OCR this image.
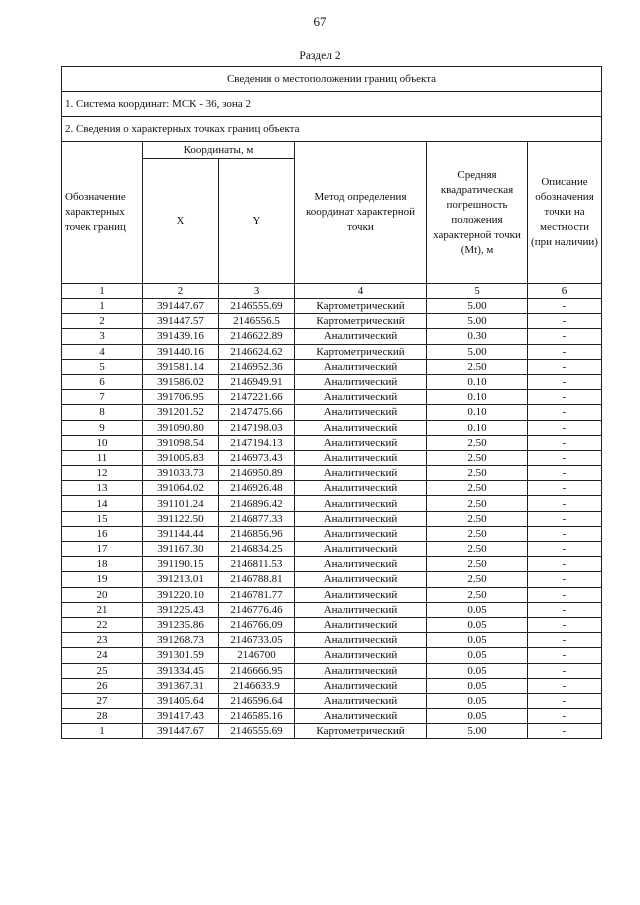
67
Раздел 2
Сведения о местоположении границ объекта					
1. Система координат: МСК - 36, зона 2					
2. Сведения о характерных точках границ объекта					
Обозначение характерных точек границ	Координаты, м		Метод определения координат характерной точки	Средняя квадратическая погрешность положения характерной точки (Mt), м	Описание обозначения точки на местности (при наличии)
	X	Y			
1	2	3	4	5	6
1	391447.67	2146555.69	Картометрический	5.00	-
2	391447.57	2146556.5	Картометрический	5.00	-
3	391439.16	2146622.89	Аналитический	0.30	-
4	391440.16	2146624.62	Картометрический	5.00	-
5	391581.14	2146952.36	Аналитический	2.50	-
6	391586.02	2146949.91	Аналитический	0.10	-
7	391706.95	2147221.66	Аналитический	0.10	-
8	391201.52	2147475.66	Аналитический	0.10	-
9	391090.80	2147198.03	Аналитический	0.10	-
10	391098.54	2147194.13	Аналитический	2.50	-
11	391005.83	2146973.43	Аналитический	2.50	-
12	391033.73	2146950.89	Аналитический	2.50	-
13	391064.02	2146926.48	Аналитический	2.50	-
14	391101.24	2146896.42	Аналитический	2.50	-
15	391122.50	2146877.33	Аналитический	2.50	-
16	391144.44	2146856.96	Аналитический	2.50	-
17	391167.30	2146834.25	Аналитический	2.50	-
18	391190.15	2146811.53	Аналитический	2.50	-
19	391213.01	2146788.81	Аналитический	2.50	-
20	391220.10	2146781.77	Аналитический	2.50	-
21	391225.43	2146776.46	Аналитический	0.05	-
22	391235.86	2146766.09	Аналитический	0.05	-
23	391268.73	2146733.05	Аналитический	0.05	-
24	391301.59	2146700	Аналитический	0.05	-
25	391334.45	2146666.95	Аналитический	0.05	-
26	391367.31	2146633.9	Аналитический	0.05	-
27	391405.64	2146596.64	Аналитический	0.05	-
28	391417.43	2146585.16	Аналитический	0.05	-
1	391447.67	2146555.69	Картометрический	5.00	-
